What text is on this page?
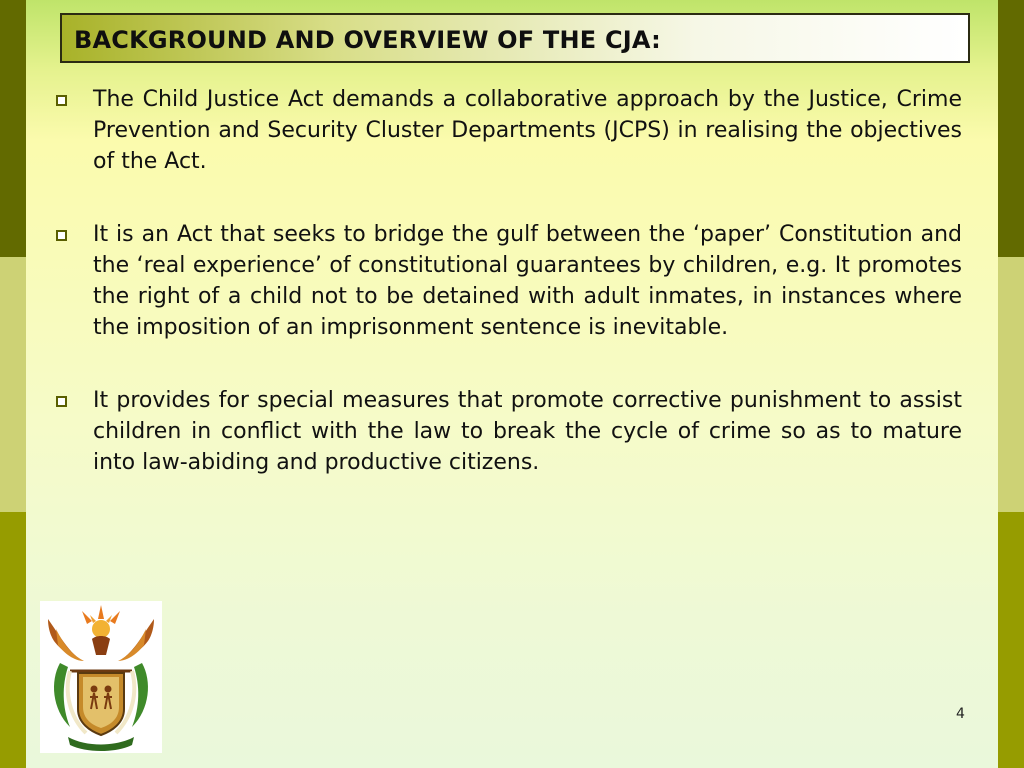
BACKGROUND AND OVERVIEW OF THE CJA:
The Child Justice Act demands a collaborative approach by the Justice, Crime Prevention and Security Cluster Departments (JCPS) in realising the objectives of the Act.
It is an Act that seeks to bridge the gulf between the ‘paper’ Constitution and the ‘real experience’ of constitutional guarantees by children, e.g. It promotes the right of a child not to be detained with adult inmates, in instances where the imposition of an imprisonment sentence is inevitable.
It provides for special measures that promote corrective punishment to assist children in conflict with the law to break the cycle of crime so as to mature into law-abiding and productive citizens.
4
